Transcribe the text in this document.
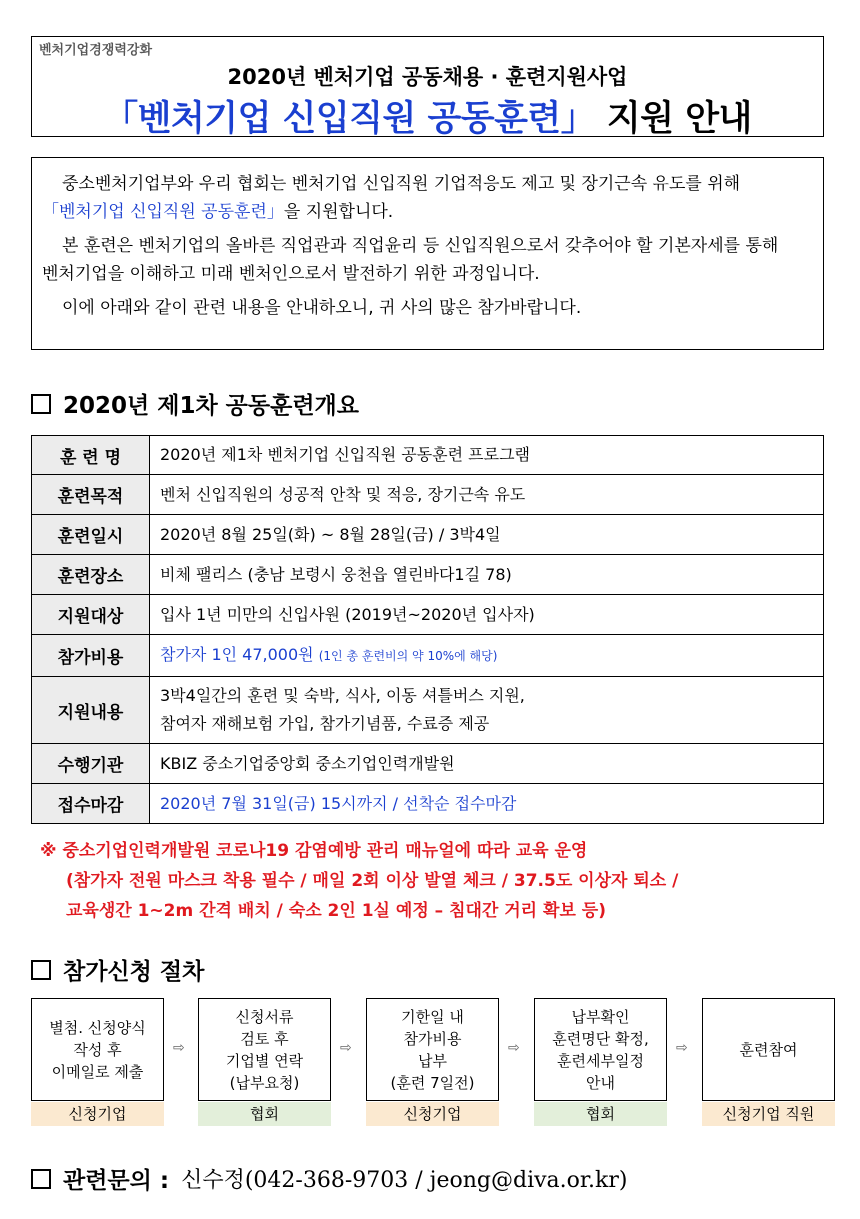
벤처기업경쟁력강화
2020년 벤처기업 공동채용 · 훈련지원사업
「벤처기업 신입직원 공동훈련」 지원 안내

중소벤처기업부와 우리 협회는 벤처기업 신입직원 기업적응도 제고 및 장기근속 유도를 위해 「벤처기업 신입직원 공동훈련」을 지원합니다.

본 훈련은 벤처기업의 올바른 직업관과 직업윤리 등 신입직원으로서 갖추어야 할 기본자세를 통해 벤처기업을 이해하고 미래 벤처인으로서 발전하기 위한 과정입니다.

이에 아래와 같이 관련 내용을 안내하오니, 귀 사의 많은 참가바랍니다.

2020년 제1차 공동훈련개요
훈 련 명	2020년 제1차 벤처기업 신입직원 공동훈련 프로그램
훈련목적	벤처 신입직원의 성공적 안착 및 적응, 장기근속 유도
훈련일시	2020년 8월 25일(화) ~ 8월 28일(금) / 3박4일
훈련장소	비체 팰리스 (충남 보령시 웅천읍 열린바다1길 78)
지원대상	입사 1년 미만의 신입사원 (2019년~2020년 입사자)
참가비용	참가자 1인 47,000원 (1인 총 훈련비의 약 10%에 해당)
지원내용	3박4일간의 훈련 및 숙박, 식사, 이동 셔틀버스 지원,
참여자 재해보험 가입, 참가기념품, 수료증 제공

수행기관	KBIZ 중소기업중앙회 중소기업인력개발원
접수마감	2020년 7월 31일(금) 15시까지 / 선착순 접수마감
※ 중소기업인력개발원 코로나19 감염예방 관리 매뉴얼에 따라 교육 운영
(참가자 전원 마스크 착용 필수 / 매일 2회 이상 발열 체크 / 37.5도 이상자 퇴소 /
교육생간 1~2m 간격 배치 / 숙소 2인 1실 예정 – 침대간 거리 확보 등)
참가신청 절차
별첨. 신청양식
작성 후
이메일로 제출
⇨
신청서류
검토 후
기업별 연락
(납부요청)
⇨
기한일 내
참가비용
납부
(훈련 7일전)
⇨
납부확인
훈련명단 확정,
훈련세부일정
안내
⇨	훈련참여
신청기업	협회	신청기업	협회	신청기업 직원
관련문의 : 신수정(042-368-9703 / jeong@diva.or.kr)
